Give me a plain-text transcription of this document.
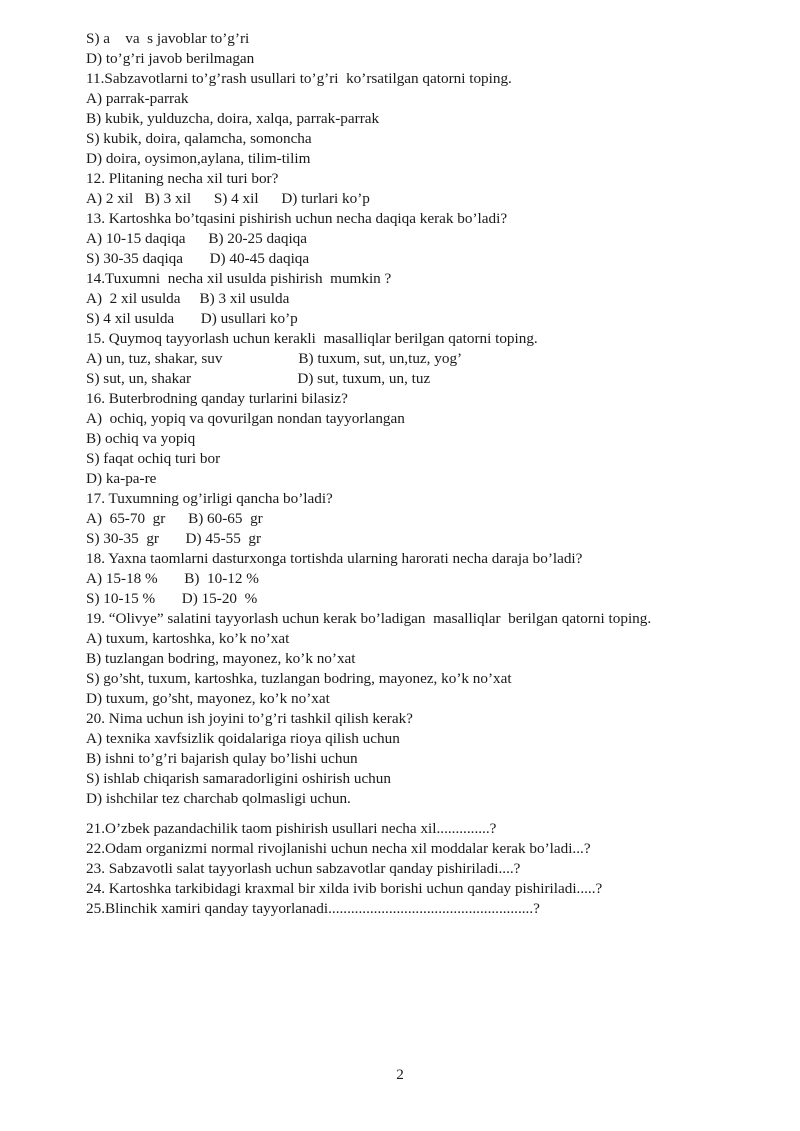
S) a    va  s javoblar to’g’ri
D) to’g’ri javob berilmagan
11.Sabzavotlarni to’g’rash usullari to’g’ri  ko’rsatilgan qatorni toping.
A) parrak-parrak
B) kubik, yulduzcha, doira, xalqa, parrak-parrak
S) kubik, doira, qalamcha, somoncha
D) doira, oysimon,aylana, tilim-tilim
12. Plitaning necha xil turi bor?
A) 2 xil   B) 3 xil      S) 4 xil      D) turlari ko’p
13. Kartoshka bo’tqasini pishirish uchun necha daqiqa kerak bo’ladi?
A) 10-15 daqiqa      B) 20-25 daqiqa
S) 30-35 daqiqa       D) 40-45 daqiqa
14.Tuxumni  necha xil usulda pishirish  mumkin ?
A)  2 xil usulda     B) 3 xil usulda
S) 4 xil usulda       D) usullari ko’p
15. Quymoq tayyorlash uchun kerakli  masalliqlar berilgan qatorni toping.
A) un, tuz, shakar, suv                    B) tuxum, sut, un,tuz, yog’
S) sut, un, shakar                            D) sut, tuxum, un, tuz
16. Buterbrodning qanday turlarini bilasiz?
A)  ochiq, yopiq va qovurilgan nondan tayyorlangan
B) ochiq va yopiq
S) faqat ochiq turi bor
D) ka-pa-re
17. Tuxumning og’irligi qancha bo’ladi?
A)  65-70  gr      B) 60-65  gr
S) 30-35  gr       D) 45-55  gr
18. Yaxna taomlarni dasturxonga tortishda ularning harorati necha daraja bo’ladi?
A) 15-18 %       B)  10-12 %
S) 10-15 %       D) 15-20  %
19. “Olivye” salatini tayyorlash uchun kerak bo’ladigan  masalliqlar  berilgan qatorni toping.
A) tuxum, kartoshka, ko’k no’xat
B) tuzlangan bodring, mayonez, ko’k no’xat
S) go’sht, tuxum, kartoshka, tuzlangan bodring, mayonez, ko’k no’xat
D) tuxum, go’sht, mayonez, ko’k no’xat
20. Nima uchun ish joyini to’g’ri tashkil qilish kerak?
A) texnika xavfsizlik qoidalariga rioya qilish uchun
B) ishni to’g’ri bajarish qulay bo’lishi uchun
S) ishlab chiqarish samaradorligini oshirish uchun
D) ishchilar tez charchab qolmasligi uchun.
21.O’zbek pazandachilik taom pishirish usullari necha xil..............?
22.Odam organizmi normal rivojlanishi uchun necha xil moddalar kerak bo’ladi...?
23. Sabzavotli salat tayyorlash uchun sabzavotlar qanday pishiriladi....?
24. Kartoshka tarkibidagi kraxmal bir xilda ivib borishi uchun qanday pishiriladi.....?
25.Blinchik xamiri qanday tayyorlanadi......................................................?
2
